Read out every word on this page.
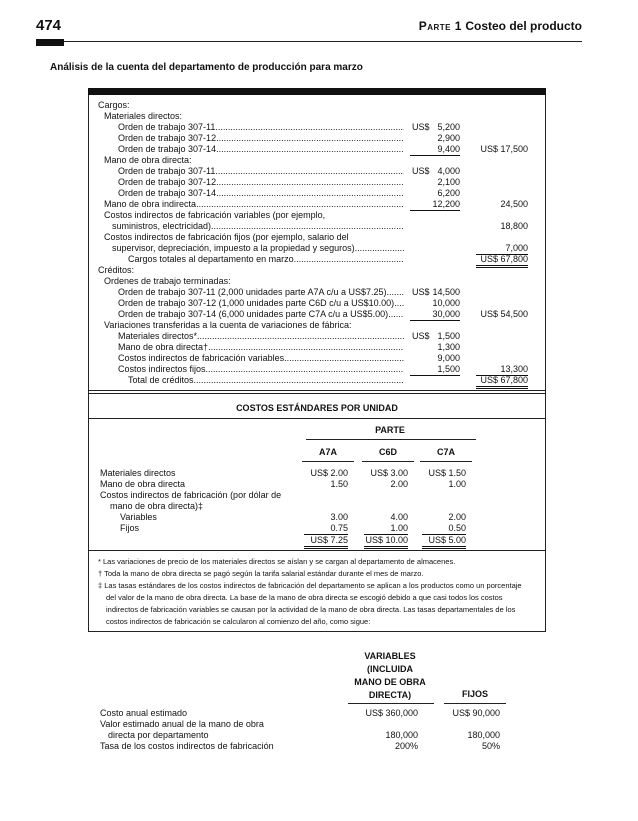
474	Parte 1 Costeo del producto
Análisis de la cuenta del departamento de producción para marzo
Cargos:
Materiales directos:
Orden de trabajo 307-11 .....	US$ 5,200
Orden de trabajo 307-12 .....	2,900
Orden de trabajo 307-14 .....	9,400 US$ 17,500
Mano de obra directa:
Orden de trabajo 307-11 .....	US$ 4,000
Orden de trabajo 307-12 .....	2,100
Orden de trabajo 307-14 .....	6,200
Mano de obra indirecta .....	12,200	24,500
Costos indirectos de fabricación variables (por ejemplo,
suministros, electricidad) .....	18,800
Costos indirectos de fabricación fijos (por ejemplo, salario del
supervisor, depreciación, impuesto a la propiedad y seguros) .....	7,000
Cargos totales al departamento en marzo .....	US$ 67,800
Créditos:
Ordenes de trabajo terminadas:
Orden de trabajo 307-11 (2,000 unidades parte A7A c/u a US$7.25) .....	US$ 14,500
Orden de trabajo 307-12 (1,000 unidades parte C6D c/u a US$10.00) .....	10,000
Orden de trabajo 307-14 (6,000 unidades parte C7A c/u a US$5.00) .....	30,000 US$ 54,500
Variaciones transferidas a la cuenta de variaciones de fábrica:
Materiales directos* .....	US$ 1,500
Mano de obra directa† .....	1,300
Costos indirectos de fabricación variables .....	9,000
Costos indirectos fijos .....	1,500	13,300
Total de créditos .....	US$ 67,800
COSTOS ESTÁNDARES POR UNIDAD
PARTE
A7A	C6D	C7A
Materiales directos	US$ 2.00 US$ 3.00 US$ 1.50
Mano de obra directa	1.50	2.00	1.00
Costos indirectos de fabricación (por dólar de
mano de obra directa)‡
Variables	3.00	4.00	2.00
Fijos	0.75	1.00	0.50
US$ 7.25 US$ 10.00	US$ 5.00
* Las variaciones de precio de los materiales directos se aíslan y se cargan al departamento de almacenes.
† Toda la mano de obra directa se pagó según la tarifa salarial estándar durante el mes de marzo.
‡ Las tasas estándares de los costos indirectos de fabricación del departamento se aplican a los productos como un porcentaje
del valor de la mano de obra directa. La base de la mano de obra directa se escogió debido a que casi todos los costos
indirectos de fabricación variables se causan por la actividad de la mano de obra directa. Las tasas departamentales de los
costos indirectos de fabricación se calcularon al comienzo del año, como sigue:
VARIABLES
(INCLUIDA
MANO DE OBRA
DIRECTA)	FIJOS
Costo anual estimado	US$ 360,000	US$ 90,000
Valor estimado anual de la mano de obra
directa por departamento	180,000	180,000
Tasa de los costos indirectos de fabricación	200%	50%
